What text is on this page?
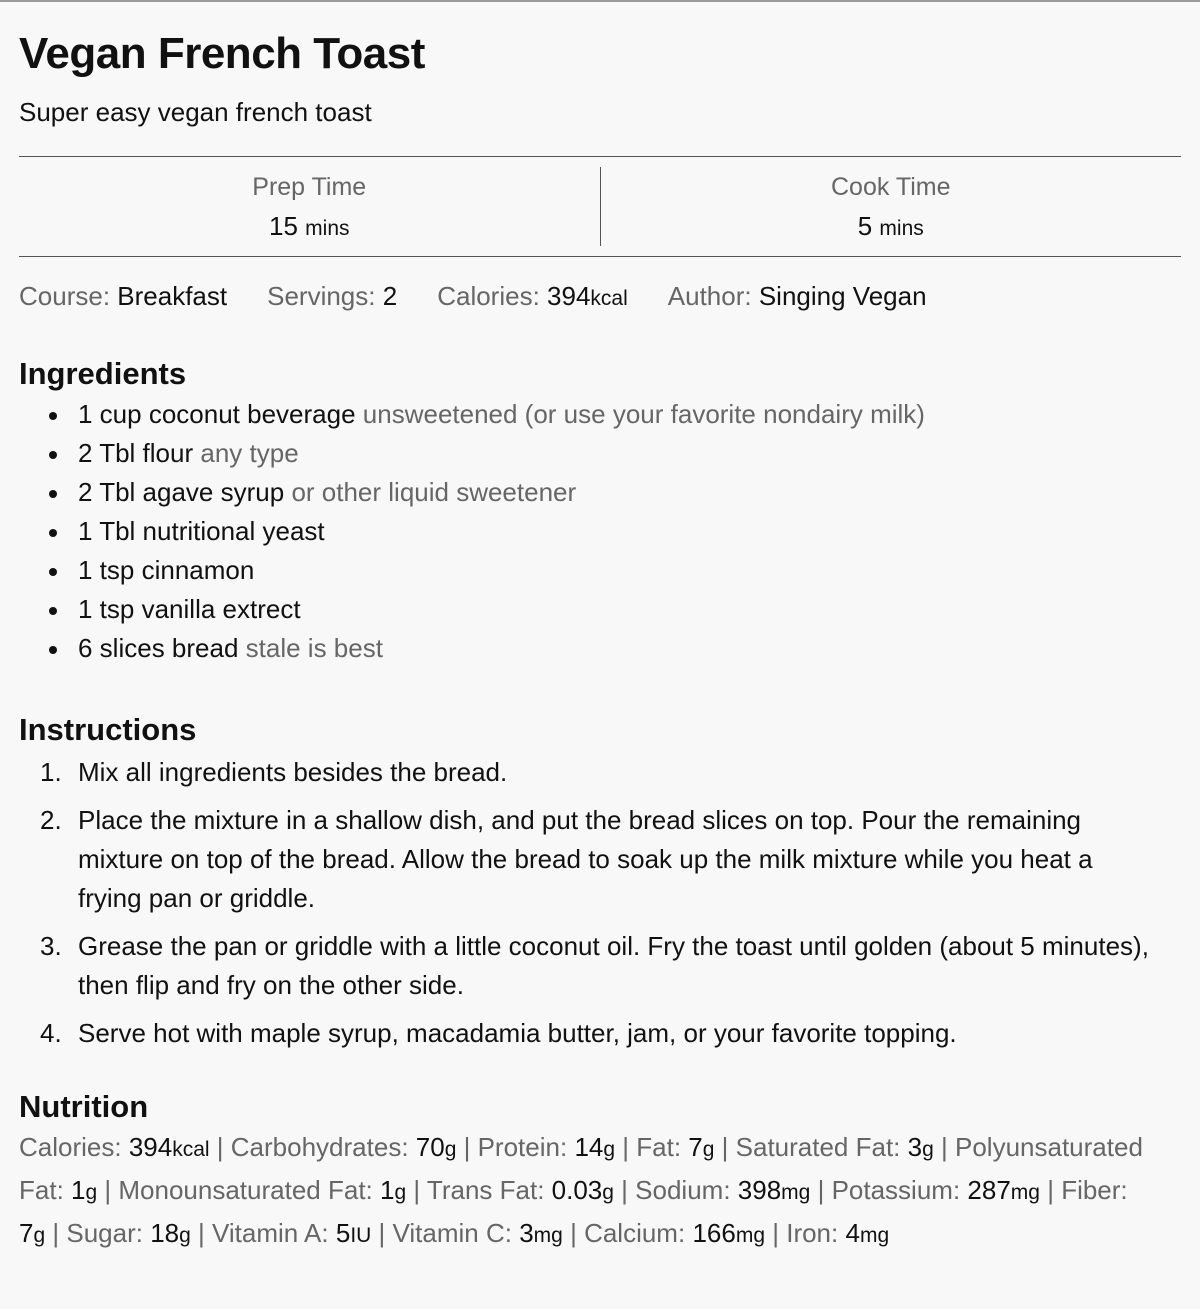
Vegan French Toast
Super easy vegan french toast
Prep Time
15 mins
Cook Time
5 mins
Course: Breakfast Servings: 2 Calories: 394kcal Author: Singing Vegan
Ingredients
1 cup coconut beverage unsweetened (or use your favorite nondairy milk)
2 Tbl flour any type
2 Tbl agave syrup or other liquid sweetener
1 Tbl nutritional yeast
1 tsp cinnamon
1 tsp vanilla extrect
6 slices bread stale is best
Instructions
1. Mix all ingredients besides the bread.
2. Place the mixture in a shallow dish, and put the bread slices on top. Pour the remaining mixture on top of the bread. Allow the bread to soak up the milk mixture while you heat a frying pan or griddle.
3. Grease the pan or griddle with a little coconut oil. Fry the toast until golden (about 5 minutes), then flip and fry on the other side.
4. Serve hot with maple syrup, macadamia butter, jam, or your favorite topping.
Nutrition
Calories: 394kcal | Carbohydrates: 70g | Protein: 14g | Fat: 7g | Saturated Fat: 3g | Polyunsaturated Fat: 1g | Monounsaturated Fat: 1g | Trans Fat: 0.03g | Sodium: 398mg | Potassium: 287mg | Fiber: 7g | Sugar: 18g | Vitamin A: 5IU | Vitamin C: 3mg | Calcium: 166mg | Iron: 4mg
